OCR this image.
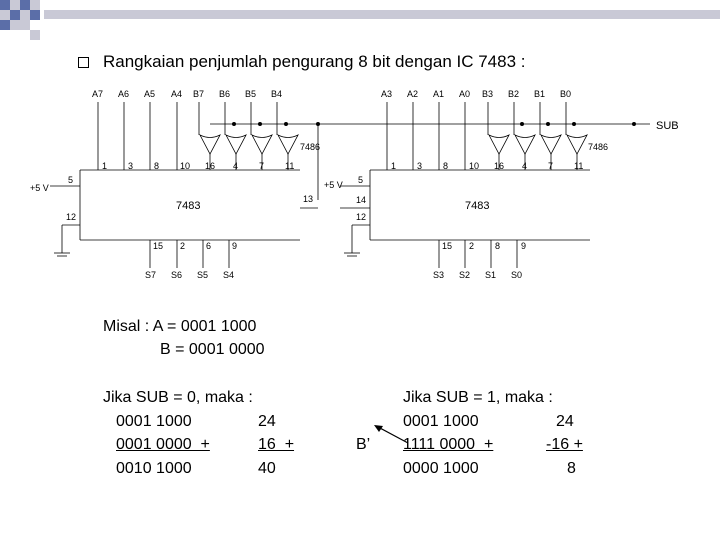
Rangkaian penjumlah pengurang 8 bit dengan IC 7483 :
A7 A6 A5 A4 B7 B6 B5 B4
7486
1 3 8 10 16 4 7 11
+5 V
5
12
13
7483
15 2 6 9
S7 S6 S5 S4
A3 A2 A1 A0 B3 B2 B1 B0
SUB
7486
1 3 8 10 16 4 7 11
+5 V 5
14
12
7483
15 2 8 9
S3 S2 S1 S0
Misal : A = 0001 1000
B = 0001 0000
Jika SUB = 0, maka :
0001 1000	24
0001 0000  +	16  +
0010 1000	40
Jika SUB = 1, maka :
0001 1000	24
B’ 1111 0000  +	-16 +
0000 1000	8
